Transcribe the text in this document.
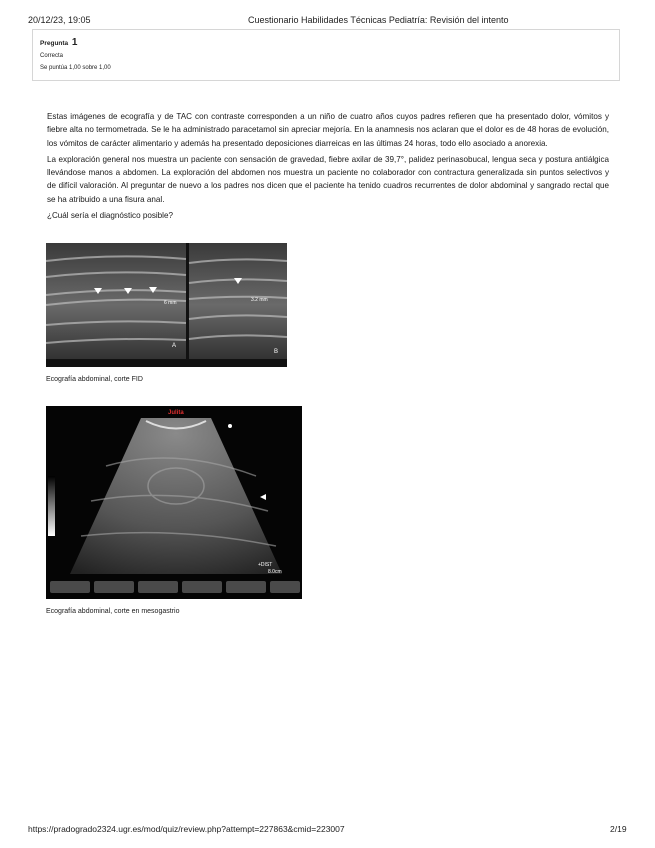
20/12/23, 19:05	Cuestionario Habilidades Técnicas Pediatría: Revisión del intento
Pregunta 1
Correcta
Se puntúa 1,00 sobre 1,00

Estas imágenes de ecografía y de TAC con contraste corresponden a un niño de cuatro años cuyos padres refieren que ha presentado dolor, vómitos y fiebre alta no termometrada. Se le ha administrado paracetamol sin apreciar mejoría. En la anamnesis nos aclaran que el dolor es de 48 horas de evolución, los vómitos de carácter alimentario y además ha presentado deposiciones diarreicas en las últimas 24 horas, todo ello asociado a anorexia.

La exploración general nos muestra un paciente con sensación de gravedad, fiebre axilar de 39,7°, palidez perinasobucal, lengua seca y postura antiálgica llevándose manos a abdomen. La exploración del abdomen nos muestra un paciente no colaborador con contractura generalizada sin puntos selectivos y de difícil valoración. Al preguntar de nuevo a los padres nos dicen que el paciente ha tenido cuadros recurrentes de dolor abdominal y sangrado rectal que se ha atribuido a una fisura anal.

¿Cuál sería el diagnóstico posible?

6 mm	3.2 mm
A
B
Ecografía abdominal, corte FID
Julita
+DIST
8.0cm
Ecografía abdominal, corte en mesogastrio
https://pradogrado2324.ugr.es/mod/quiz/review.php?attempt=227863&cmid=223007	2/19
